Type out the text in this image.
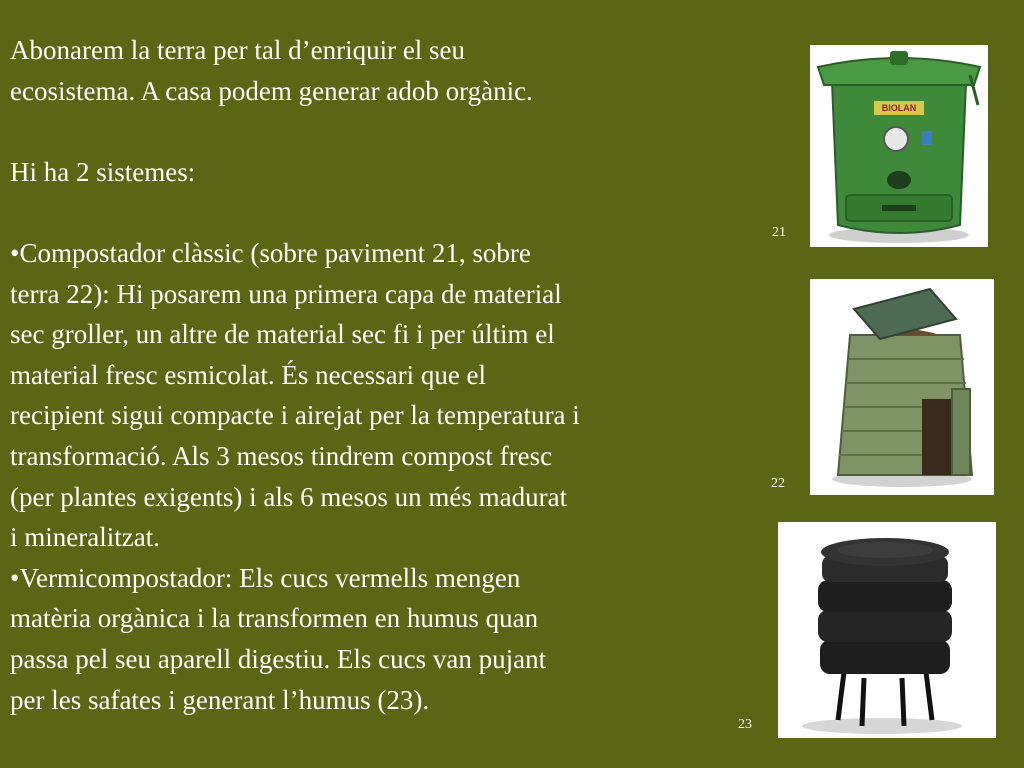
Abonarem la terra per tal d’enriquir el seu

ecosistema. A casa podem generar adob orgànic.

Hi ha 2 sistemes:

•Compostador clàssic (sobre paviment 21, sobre

terra 22): Hi posarem una primera capa de material

sec groller, un altre de material sec fi i per últim el

material fresc esmicolat. És necessari que el

recipient sigui compacte i airejat per la temperatura i

transformació. Als 3 mesos tindrem compost fresc

(per plantes exigents) i als 6 mesos un més madurat

i mineralitzat.

•Vermicompostador: Els cucs vermells mengen

matèria orgànica i la transformen en humus quan

passa pel seu aparell digestiu. Els cucs van pujant

per les safates i generant l’humus (23).

BIOLAN
21
22
23
